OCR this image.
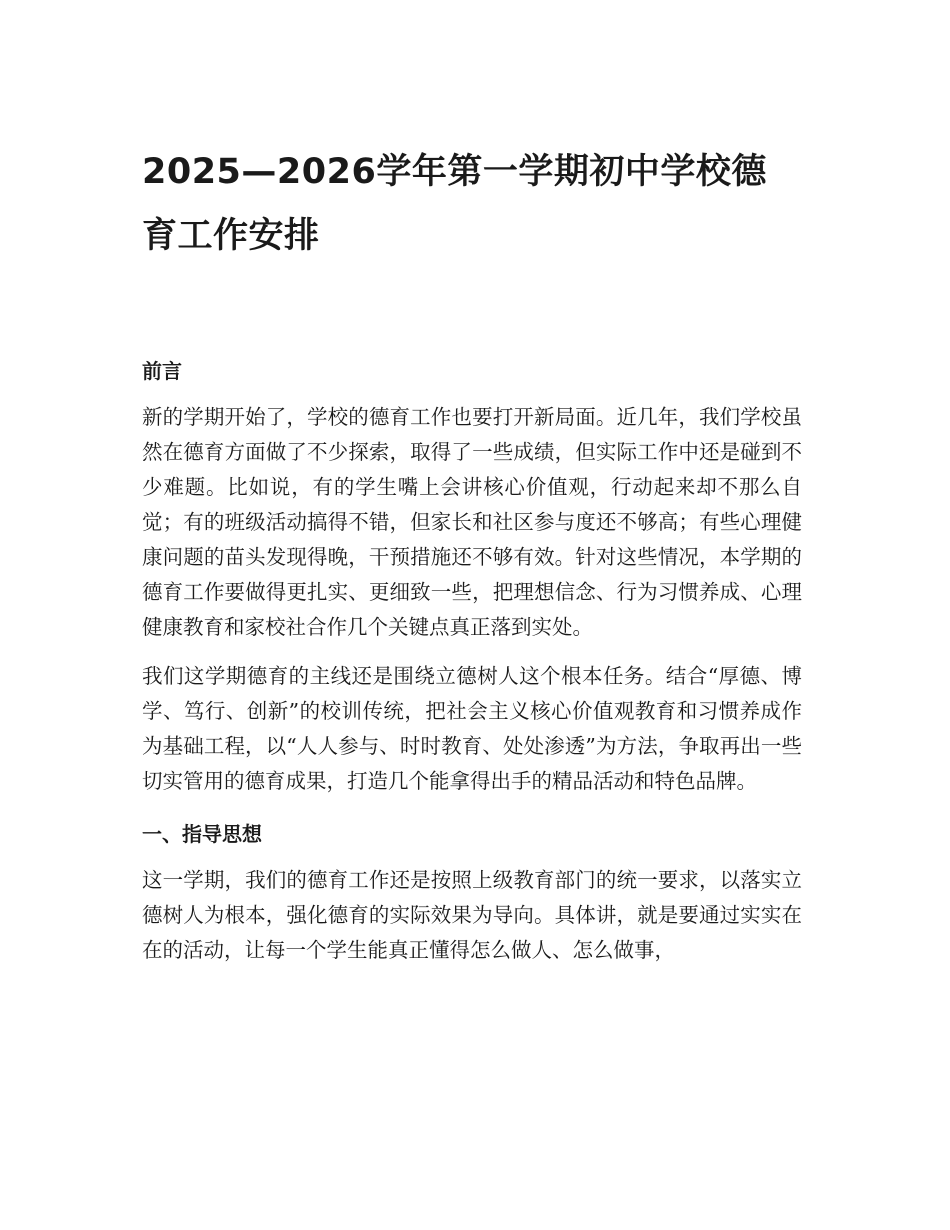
2025—2026学年第一学期初中学校德育工作安排
前言

新的学期开始了，学校的德育工作也要打开新局面。近几年，我们学校虽然在德育方面做了不少探索，取得了一些成绩，但实际工作中还是碰到不少难题。比如说，有的学生嘴上会讲核心价值观，行动起来却不那么自觉；有的班级活动搞得不错，但家长和社区参与度还不够高；有些心理健康问题的苗头发现得晚，干预措施还不够有效。针对这些情况，本学期的德育工作要做得更扎实、更细致一些，把理想信念、行为习惯养成、心理健康教育和家校社合作几个关键点真正落到实处。

我们这学期德育的主线还是围绕立德树人这个根本任务。结合“厚德、博学、笃行、创新”的校训传统，把社会主义核心价值观教育和习惯养成作为基础工程，以“人人参与、时时教育、处处渗透”为方法，争取再出一些切实管用的德育成果，打造几个能拿得出手的精品活动和特色品牌。

一、指导思想

这一学期，我们的德育工作还是按照上级教育部门的统一要求，以落实立德树人为根本，强化德育的实际效果为导向。具体讲，就是要通过实实在在的活动，让每一个学生能真正懂得怎么做人、怎么做事，
